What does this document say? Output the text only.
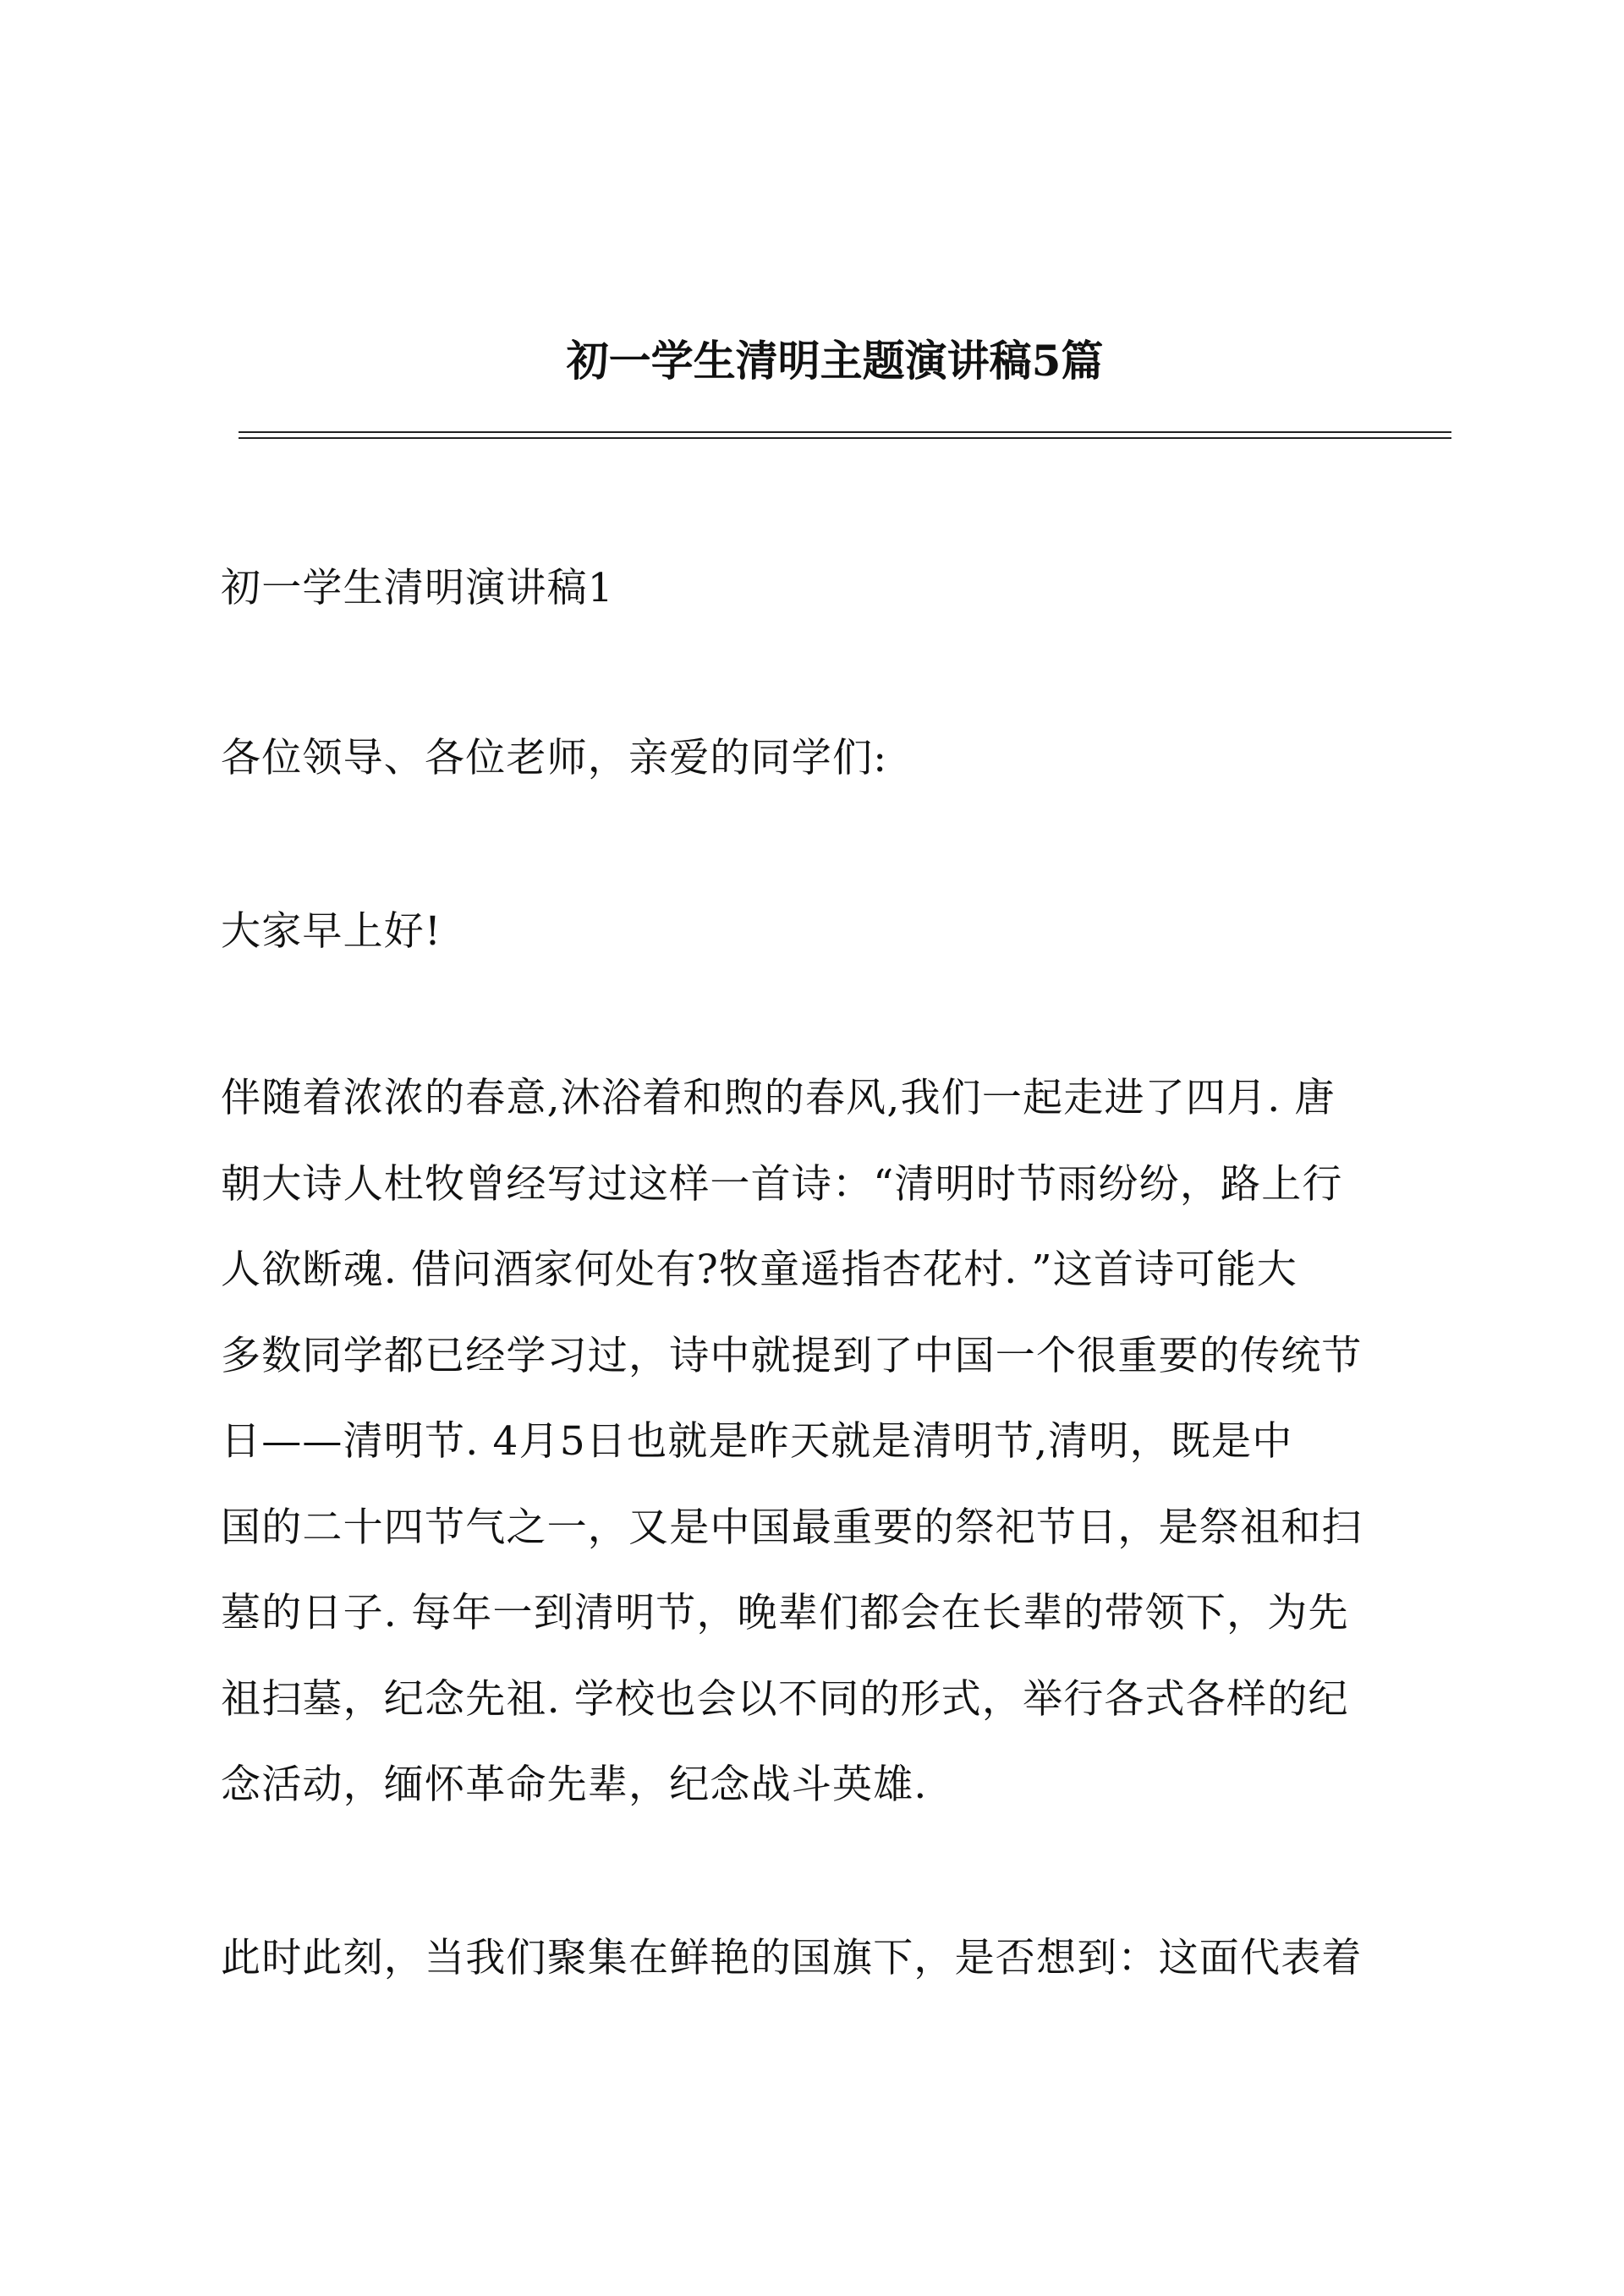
初一学生清明主题演讲稿5篇
初一学生清明演讲稿1
各位领导、各位老师，亲爱的同学们:
大家早上好!
伴随着浓浓的春意,沐浴着和煦的春风,我们一起走进了四月. 唐
朝大诗人杜牧曾经写过这样一首诗：“清明时节雨纷纷，路上行
人欲断魂. 借问酒家何处有?牧童遥指杏花村. ”这首诗可能大
多数同学都已经学习过，诗中就提到了中国一个很重要的传统节
日——清明节. 4月5日也就是昨天就是清明节,清明，既是中
国的二十四节气之一，又是中国最重要的祭祀节日，是祭祖和扫
墓的日子. 每年一到清明节，晚辈们都会在长辈的带领下，为先
祖扫墓，纪念先祖. 学校也会以不同的形式，举行各式各样的纪
念活动，缅怀革命先辈，纪念战斗英雄.
此时此刻，当我们聚集在鲜艳的国旗下，是否想到：这面代表着
